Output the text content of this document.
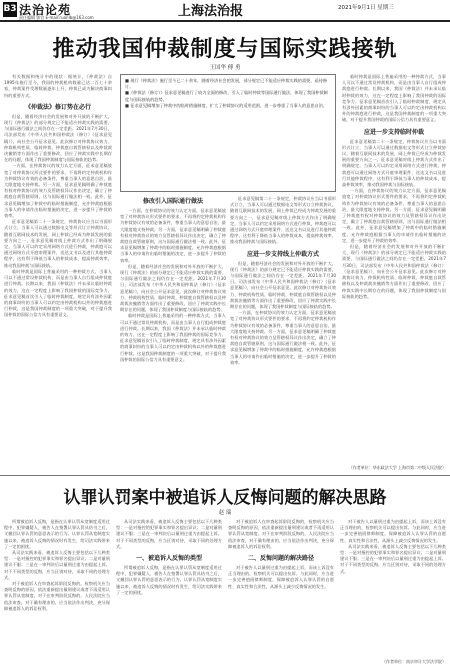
B3 法治论苑
责任编辑 郭官 E-mail:ruanlb@163.com	上海法治报	2021年9月1日 星期三
推动我国仲裁制度与国际实践接轨
王国华 傅 勇

有关数据和统计中的现状：据统计，《仲裁法》自1995年施行至今，我国的仲裁机构数量已达二百七十余家，仲裁案件受理数量逐年上升，仲裁已成为解决商事纠纷的重要方式。

《仲裁法》修订势在必行

但是，随着经济社会的发展和对外开放的不断扩大，现行《仲裁法》的部分规定已不能适应仲裁实践的需要，与国际通行做法之间仍存在一定差距。2021年7月30日，司法部发布《中华人民共和国仲裁法（修订）（征求意见稿）》，向社会公开征求意见。此次修订对仲裁协议效力、仲裁机构性质、临时仲裁、仲裁庭自裁管辖权以及仲裁裁决撤销等方面作出了重要修改，回应了仲裁实践中长期存在的问题，体现了我国仲裁制度与国际接轨的趋势。

一方面，在仲裁协议的效力认定方面，征求意见稿放宽了对仲裁协议形式要件的要求，不再将约定仲裁机构作为仲裁协议有效的必备条件，尊重当事人的意思自治，最大限度地支持仲裁。另一方面，征求意见稿明确了仲裁庭有权对仲裁协议的效力及管辖权异议作出决定，确立了仲裁庭自裁管辖原则，这与国际通行做法相一致。此外，征求意见稿增加了仲裁中的临时措施制度，允许仲裁庭根据当事人的申请作出临时措施的决定，进一步提升了仲裁的效率。

征求意见稿第二十一条规定，仲裁协议应当以书面形式订立，当事人可以通过数据电文等形式订立仲裁协议。随着互联网技术的发展，网上仲裁已经成为仲裁发展的重要方向之一，征求意见稿对线上仲裁方式作出了明确规定，当事人可以约定采用网络方式进行仲裁，仲裁庭可以通过网络方式开庭审理案件、送达文书以及进行其他仲裁程序，这有利于降低当事人的仲裁成本，提高仲裁效率，推动我国仲裁与国际接轨。

临时仲裁是国际上普遍采用的一种仲裁方式，当事人可以不通过常设仲裁机构，而是由当事人自行组成仲裁庭进行仲裁。长期以来，我国《仲裁法》并未承认临时仲裁的效力，这在一定程度上影响了我国仲裁的国际竞争力。征求意见稿首次引入了临时仲裁制度，规定具有涉外因素的商事纠纷的当事人可以约定由仲裁机构以外的仲裁庭进行仲裁，这是我国仲裁制度的一项重大突破，对于提升我国仲裁的国际公信力具有重要意义。

■ 现行《仲裁法》施行至今已二十余年，随着经济社会的发展，部分规定已不能适应仲裁实践的需要，亟待修订。

■《仲裁法（修订）》征求意见稿进行了较为全面的修改，引入了临时仲裁等国际通行做法，体现了我国仲裁制度与国际接轨的趋势。

■ 征求意见稿增加了仲裁中的临时措施制度，扩大了仲裁协议的适用范围，进一步尊重了当事人的意思自治。

修改引入国际通行做法

一方面，在仲裁协议的效力认定方面，征求意见稿放宽了对仲裁协议形式要件的要求，不再将约定仲裁机构作为仲裁协议有效的必备条件，尊重当事人的意思自治，最大限度地支持仲裁。另一方面，征求意见稿明确了仲裁庭有权对仲裁协议的效力及管辖权异议作出决定，确立了仲裁庭自裁管辖原则，这与国际通行做法相一致。此外，征求意见稿增加了仲裁中的临时措施制度，允许仲裁庭根据当事人的申请作出临时措施的决定，进一步提升了仲裁的效率。

但是，随着经济社会的发展和对外开放的不断扩大，现行《仲裁法》的部分规定已不能适应仲裁实践的需要，与国际通行做法之间仍存在一定差距。2021年7月30日，司法部发布《中华人民共和国仲裁法（修订）（征求意见稿）》，向社会公开征求意见。此次修订对仲裁协议效力、仲裁机构性质、临时仲裁、仲裁庭自裁管辖权以及仲裁裁决撤销等方面作出了重要修改，回应了仲裁实践中长期存在的问题，体现了我国仲裁制度与国际接轨的趋势。

临时仲裁是国际上普遍采用的一种仲裁方式，当事人可以不通过常设仲裁机构，而是由当事人自行组成仲裁庭进行仲裁。长期以来，我国《仲裁法》并未承认临时仲裁的效力，这在一定程度上影响了我国仲裁的国际竞争力。征求意见稿首次引入了临时仲裁制度，规定具有涉外因素的商事纠纷的当事人可以约定由仲裁机构以外的仲裁庭进行仲裁，这是我国仲裁制度的一项重大突破，对于提升我国仲裁的国际公信力具有重要意义。

征求意见稿第二十一条规定，仲裁协议应当以书面形式订立，当事人可以通过数据电文等形式订立仲裁协议。随着互联网技术的发展，网上仲裁已经成为仲裁发展的重要方向之一，征求意见稿对线上仲裁方式作出了明确规定，当事人可以约定采用网络方式进行仲裁，仲裁庭可以通过网络方式开庭审理案件、送达文书以及进行其他仲裁程序，这有利于降低当事人的仲裁成本，提高仲裁效率，推动我国仲裁与国际接轨。

应进一步支持线上仲裁方式

但是，随着经济社会的发展和对外开放的不断扩大，现行《仲裁法》的部分规定已不能适应仲裁实践的需要，与国际通行做法之间仍存在一定差距。2021年7月30日，司法部发布《中华人民共和国仲裁法（修订）（征求意见稿）》，向社会公开征求意见。此次修订对仲裁协议效力、仲裁机构性质、临时仲裁、仲裁庭自裁管辖权以及仲裁裁决撤销等方面作出了重要修改，回应了仲裁实践中长期存在的问题，体现了我国仲裁制度与国际接轨的趋势。

一方面，在仲裁协议的效力认定方面，征求意见稿放宽了对仲裁协议形式要件的要求，不再将约定仲裁机构作为仲裁协议有效的必备条件，尊重当事人的意思自治，最大限度地支持仲裁。另一方面，征求意见稿明确了仲裁庭有权对仲裁协议的效力及管辖权异议作出决定，确立了仲裁庭自裁管辖原则，这与国际通行做法相一致。此外，征求意见稿增加了仲裁中的临时措施制度，允许仲裁庭根据当事人的申请作出临时措施的决定，进一步提升了仲裁的效率。

临时仲裁是国际上普遍采用的一种仲裁方式，当事人可以不通过常设仲裁机构，而是由当事人自行组成仲裁庭进行仲裁。长期以来，我国《仲裁法》并未承认临时仲裁的效力，这在一定程度上影响了我国仲裁的国际竞争力。征求意见稿首次引入了临时仲裁制度，规定具有涉外因素的商事纠纷的当事人可以约定由仲裁机构以外的仲裁庭进行仲裁，这是我国仲裁制度的一项重大突破，对于提升我国仲裁的国际公信力具有重要意义。

应进一步支持临时仲裁

征求意见稿第二十一条规定，仲裁协议应当以书面形式订立，当事人可以通过数据电文等形式订立仲裁协议。随着互联网技术的发展，网上仲裁已经成为仲裁发展的重要方向之一，征求意见稿对线上仲裁方式作出了明确规定，当事人可以约定采用网络方式进行仲裁，仲裁庭可以通过网络方式开庭审理案件、送达文书以及进行其他仲裁程序，这有利于降低当事人的仲裁成本，提高仲裁效率，推动我国仲裁与国际接轨。

一方面，在仲裁协议的效力认定方面，征求意见稿放宽了对仲裁协议形式要件的要求，不再将约定仲裁机构作为仲裁协议有效的必备条件，尊重当事人的意思自治，最大限度地支持仲裁。另一方面，征求意见稿明确了仲裁庭有权对仲裁协议的效力及管辖权异议作出决定，确立了仲裁庭自裁管辖原则，这与国际通行做法相一致。此外，征求意见稿增加了仲裁中的临时措施制度，允许仲裁庭根据当事人的申请作出临时措施的决定，进一步提升了仲裁的效率。

但是，随着经济社会的发展和对外开放的不断扩大，现行《仲裁法》的部分规定已不能适应仲裁实践的需要，与国际通行做法之间仍存在一定差距。2021年7月30日，司法部发布《中华人民共和国仲裁法（修订）（征求意见稿）》，向社会公开征求意见。此次修订对仲裁协议效力、仲裁机构性质、临时仲裁、仲裁庭自裁管辖权以及仲裁裁决撤销等方面作出了重要修改，回应了仲裁实践中长期存在的问题，体现了我国仲裁制度与国际接轨的趋势。

（作者单位：华东政法大学 上海市第二中级人民法院）
认罪认罚案中被追诉人反悔问题的解决思路
赵 瑞

所谓被追诉人反悔，是指在认罪认罚从宽制度适用过程中，犯罪嫌疑人、被告人在签署认罪认罚具结书之后，又撤回认罪认罚的意思表示的行为。认罪认罚从宽制度实施以来，被追诉人反悔的情况时有发生，给司法实践带来了一定的困扰。

从司法实践来看，被追诉人反悔主要包括以下几种类型：一是对指控的犯罪事实和罪名提出异议；二是对量刑建议不服；三是在一审判决后以量刑过重为由提起上诉。对于不同类型的反悔，应当区别对待，采取不同的处理方式。

对于被追诉人在审查起诉阶段反悔的，检察机关应当查明反悔的原因，依法重新提出量刑建议或者不再适用认罪认罚从宽制度。对于在审判阶段反悔的，人民法院应当依法审查，对于确有理由的，应当依法作出判决，充分保障被追诉人的诉讼权利。

从司法实践来看，被追诉人反悔主要包括以下几种类型：一是对指控的犯罪事实和罪名提出异议；二是对量刑建议不服；三是在一审判决后以量刑过重为由提起上诉。对于不同类型的反悔，应当区别对待，采取不同的处理方式。

一、被追诉人反悔的类型

所谓被追诉人反悔，是指在认罪认罚从宽制度适用过程中，犯罪嫌疑人、被告人在签署认罪认罚具结书之后，又撤回认罪认罚的意思表示的行为。认罪认罚从宽制度实施以来，被追诉人反悔的情况时有发生，给司法实践带来了一定的困扰。

对于被追诉人在审查起诉阶段反悔的，检察机关应当查明反悔的原因，依法重新提出量刑建议或者不再适用认罪认罚从宽制度。对于在审判阶段反悔的，人民法院应当依法审查，对于确有理由的，应当依法作出判决，充分保障被追诉人的诉讼权利。

二、反悔问题的解决路径

对于被告人以量刑过重为由提起上诉，而该上诉没有正当理由的，检察机关可以提出抗诉。与此同时，应当进一步完善值班律师制度，保障被追诉人认罪认罚的自愿性、真实性和合法性，从源头上减少反悔情况的发生。

对于被告人以量刑过重为由提起上诉，而该上诉没有正当理由的，检察机关可以提出抗诉。与此同时，应当进一步完善值班律师制度，保障被追诉人认罪认罚的自愿性、真实性和合法性，从源头上减少反悔情况的发生。

从司法实践来看，被追诉人反悔主要包括以下几种类型：一是对指控的犯罪事实和罪名提出异议；二是对量刑建议不服；三是在一审判决后以量刑过重为由提起上诉。对于不同类型的反悔，应当区别对待，采取不同的处理方式。

（作者单位：南京审计大学法学院）
